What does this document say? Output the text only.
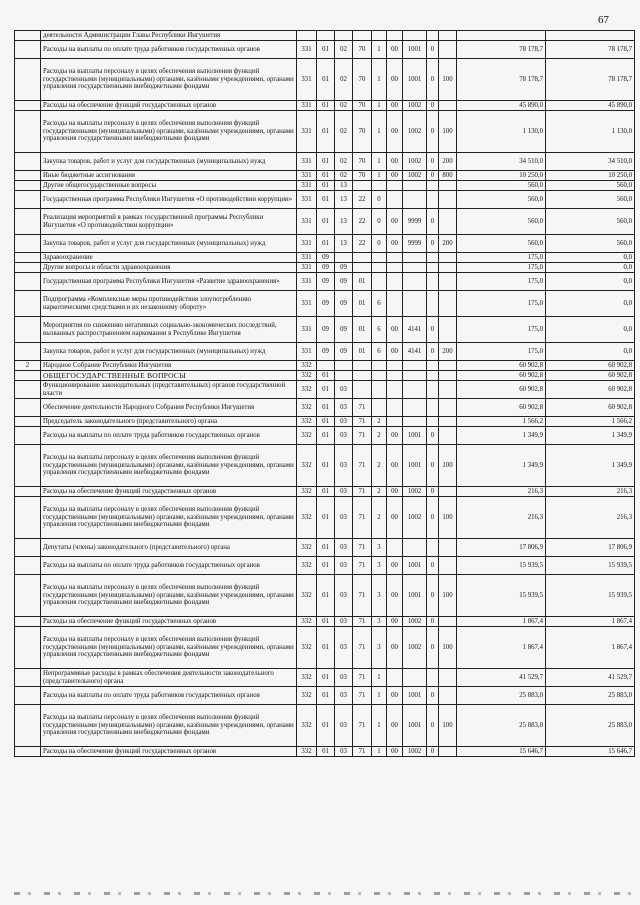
67
	деятельности Администрации Главы Республики Ингушетия											
	Расходы на выплаты по оплате труда работников государственных органов	331	01	02	70	1	00	1001	0		78 178,7	78 178,7
	Расходы на выплаты персоналу в целях обеспечения выполнения функций государственными (муниципальными) органами, казёнными учреждениями, органами управления государственными внебюджетными фондами	331	01	02	70	1	00	1001	0	100	78 178,7	78 178,7
	Расходы на обеспечение функций государственных органов	331	01	02	70	1	00	1002	0		45 890,0	45 890,0
	Расходы на выплаты персоналу в целях обеспечения выполнения функций государственными (муниципальными) органами, казёнными учреждениями, органами управления государственными внебюджетными фондами	331	01	02	70	1	00	1002	0	100	1 130,0	1 130,0
	Закупка товаров, работ и услуг для государственных (муниципальных) нужд	331	01	02	70	1	00	1002	0	200	34 510,0	34 510,0
	Иные бюджетные ассигнования	331	01	02	70	1	00	1002	0	800	10 250,0	10 250,0
	Другие общегосударственные вопросы	331	01	13							560,0	560,0
	Государственная программа Республики Ингушетия «О противодействии коррупции»	331	01	13	22	0					560,0	560,0
	Реализация мероприятий в рамках государственной программы Республики Ингушетия «О противодействии коррупции»	331	01	13	22	0	00	9999	0		560,0	560,0
	Закупка товаров, работ и услуг для государственных (муниципальных) нужд	331	01	13	22	0	00	9999	0	200	560,0	560,0
	Здравоохранение	331	09								175,0	0,0
	Другие вопросы в области здравоохранения	331	09	09							175,0	0,0
	Государственная программа Республики Ингушетия «Развитие здравоохранения»	331	09	09	01						175,0	0,0
	Подпрограмма «Комплексные меры противодействия злоупотреблению наркотическими средствами и их незаконному обороту»	331	09	09	01	6					175,0	0,0
	Мероприятия по снижению негативных социально-экономических последствий, вызванных распространением наркомании в Республике Ингушетия	331	09	09	01	6	00	4141	0		175,0	0,0
	Закупка товаров, работ и услуг для государственных (муниципальных) нужд	331	09	09	01	6	00	4141	0	200	175,0	0,0
2	Народное Собрание Республики Ингушетия	332									60 902,8	60 902,8
	ОБЩЕГОСУДАРСТВЕННЫЕ ВОПРОСЫ	332	01								60 902,8	60 902,8
	Функционирование законодательных (представительных) органов государственной власти	332	01	03							60 902,8	60 902,8
	Обеспечение деятельности Народного Собрания Республики Ингушетия	332	01	03	71						60 902,8	60 902,8
	Председатель законодательного (представительного) органа	332	01	03	71	2					1 566,2	1 566,2
	Расходы на выплаты по оплате труда работников государственных органов	332	01	03	71	2	00	1001	0		1 349,9	1 349,9
	Расходы на выплаты персоналу в целях обеспечения выполнения функций государственными (муниципальными) органами, казёнными учреждениями, органами управления государственными внебюджетными фондами	332	01	03	71	2	00	1001	0	100	1 349,9	1 349,9
	Расходы на обеспечение функций государственных органов	332	01	03	71	2	00	1002	0		216,3	216,3
	Расходы на выплаты персоналу в целях обеспечения выполнения функций государственными (муниципальными) органами, казёнными учреждениями, органами управления государственными внебюджетными фондами	332	01	03	71	2	00	1002	0	100	216,3	216,3
	Депутаты (члены) законодательного (представительного) органа	332	01	03	71	3					17 806,9	17 806,9
	Расходы на выплаты по оплате труда работников государственных органов	332	01	03	71	3	00	1001	0		15 939,5	15 939,5
	Расходы на выплаты персоналу в целях обеспечения выполнения функций государственными (муниципальными) органами, казёнными учреждениями, органами управления государственными внебюджетными фондами	332	01	03	71	3	00	1001	0	100	15 939,5	15 939,5
	Расходы на обеспечение функций государственных органов	332	01	03	71	3	00	1002	0		1 867,4	1 867,4
	Расходы на выплаты персоналу в целях обеспечения выполнения функций государственными (муниципальными) органами, казёнными учреждениями, органами управления государственными внебюджетными фондами	332	01	03	71	3	00	1002	0	100	1 867,4	1 867,4
	Непрограммные расходы в рамках обеспечения деятельности законодательного (представительного) органа	332	01	03	71	1					41 529,7	41 529,7
	Расходы на выплаты по оплате труда работников государственных органов	332	01	03	71	1	00	1001	0		25 883,0	25 883,0
	Расходы на выплаты персоналу в целях обеспечения выполнения функций государственными (муниципальными) органами, казёнными учреждениями, органами управления государственными внебюджетными фондами	332	01	03	71	1	00	1001	0	100	25 883,0	25 883,0
	Расходы на обеспечение функций государственных органов	332	01	03	71	1	00	1002	0		15 646,7	15 646,7
